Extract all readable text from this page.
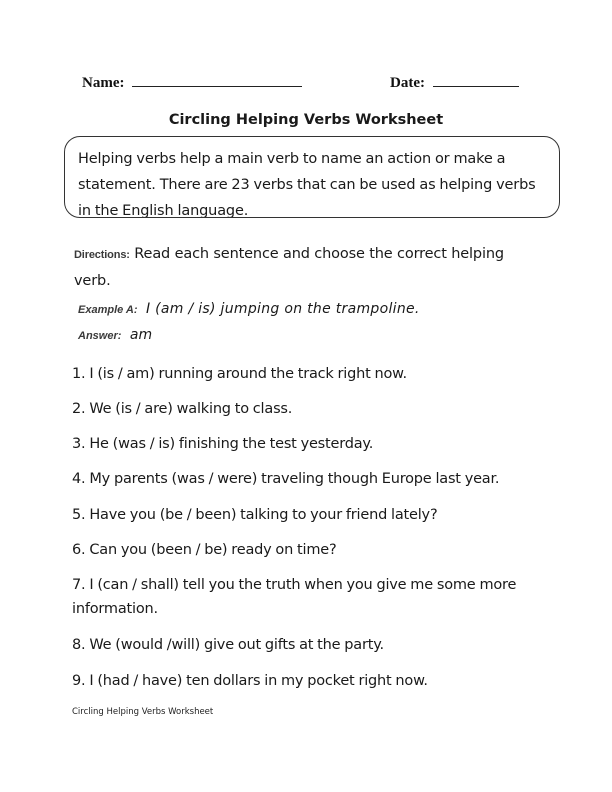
Name:	Date:
Circling Helping Verbs Worksheet
Helping verbs help a main verb to name an action or make a statement. There are 23 verbs that can be used as helping verbs in the English language.
Directions: Read each sentence and choose the correct helping verb.
Example A: I (am / is) jumping on the trampoline.
Answer: am
1. I (is / am) running around the track right now.
2. We (is / are) walking to class.
3. He (was / is) finishing the test yesterday.
4. My parents (was / were) traveling though Europe last year.
5. Have you (be / been) talking to your friend lately?
6. Can you (been / be) ready on time?
7. I (can / shall) tell you the truth when you give me some more information.
8. We (would /will) give out gifts at the party.
9. I (had / have) ten dollars in my pocket right now.
Circling Helping Verbs Worksheet
